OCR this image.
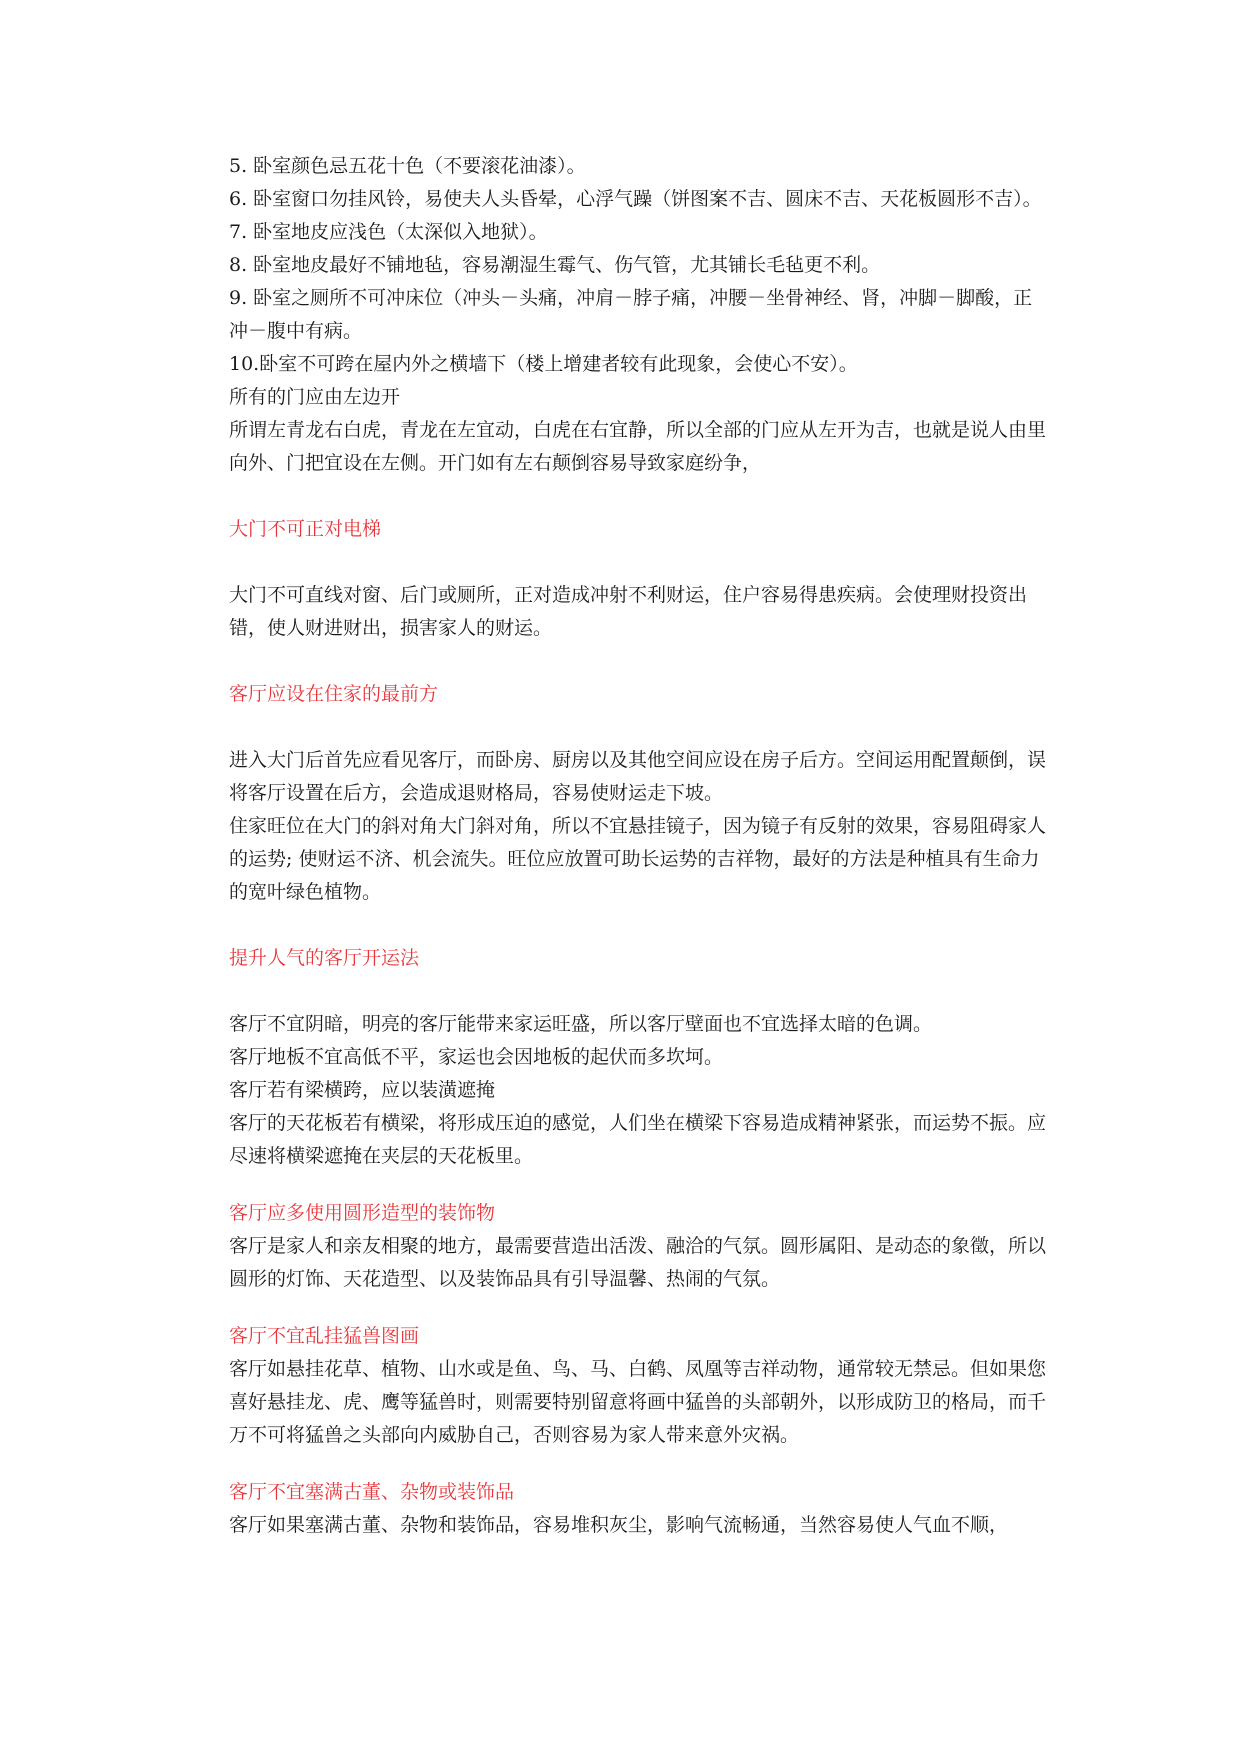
5. 卧室颜色忌五花十色（不要滚花油漆）。

6. 卧室窗口勿挂风铃，易使夫人头昏晕，心浮气躁（饼图案不吉、圆床不吉、天花板圆形不吉）。

7. 卧室地皮应浅色（太深似入地狱）。

8. 卧室地皮最好不铺地毡，容易潮湿生霉气、伤气管，尤其铺长毛毡更不利。

9. 卧室之厕所不可冲床位（冲头－头痛，冲肩－脖子痛，冲腰－坐骨神经、肾，冲脚－脚酸，正冲－腹中有病。

10.卧室不可跨在屋内外之横墙下（楼上增建者较有此现象，会使心不安）。

所有的门应由左边开

所谓左青龙右白虎，青龙在左宜动，白虎在右宜静，所以全部的门应从左开为吉，也就是说人由里向外、门把宜设在左侧。开门如有左右颠倒容易导致家庭纷争，

大门不可正对电梯

大门不可直线对窗、后门或厕所，正对造成冲射不利财运，住户容易得患疾病。会使理财投资出错，使人财进财出，损害家人的财运。

客厅应设在住家的最前方

进入大门后首先应看见客厅，而卧房、厨房以及其他空间应设在房子后方。空间运用配置颠倒，误将客厅设置在后方，会造成退财格局，容易使财运走下坡。

住家旺位在大门的斜对角大门斜对角，所以不宜悬挂镜子，因为镜子有反射的效果，容易阻碍家人的运势; 使财运不济、机会流失。旺位应放置可助长运势的吉祥物，最好的方法是种植具有生命力的宽叶绿色植物。

提升人气的客厅开运法

客厅不宜阴暗，明亮的客厅能带来家运旺盛，所以客厅壁面也不宜选择太暗的色调。

客厅地板不宜高低不平，家运也会因地板的起伏而多坎坷。

客厅若有梁横跨，应以装潢遮掩

客厅的天花板若有横梁，将形成压迫的感觉，人们坐在横梁下容易造成精神紧张，而运势不振。应尽速将横梁遮掩在夹层的天花板里。

客厅应多使用圆形造型的装饰物

客厅是家人和亲友相聚的地方，最需要营造出活泼、融洽的气氛。圆形属阳、是动态的象徵，所以圆形的灯饰、天花造型、以及装饰品具有引导温馨、热闹的气氛。

客厅不宜乱挂猛兽图画

客厅如悬挂花草、植物、山水或是鱼、鸟、马、白鹤、凤凰等吉祥动物，通常较无禁忌。但如果您喜好悬挂龙、虎、鹰等猛兽时，则需要特别留意将画中猛兽的头部朝外，以形成防卫的格局，而千万不可将猛兽之头部向内威胁自己，否则容易为家人带来意外灾祸。

客厅不宜塞满古董、杂物或装饰品

客厅如果塞满古董、杂物和装饰品，容易堆积灰尘，影响气流畅通，当然容易使人气血不顺，
